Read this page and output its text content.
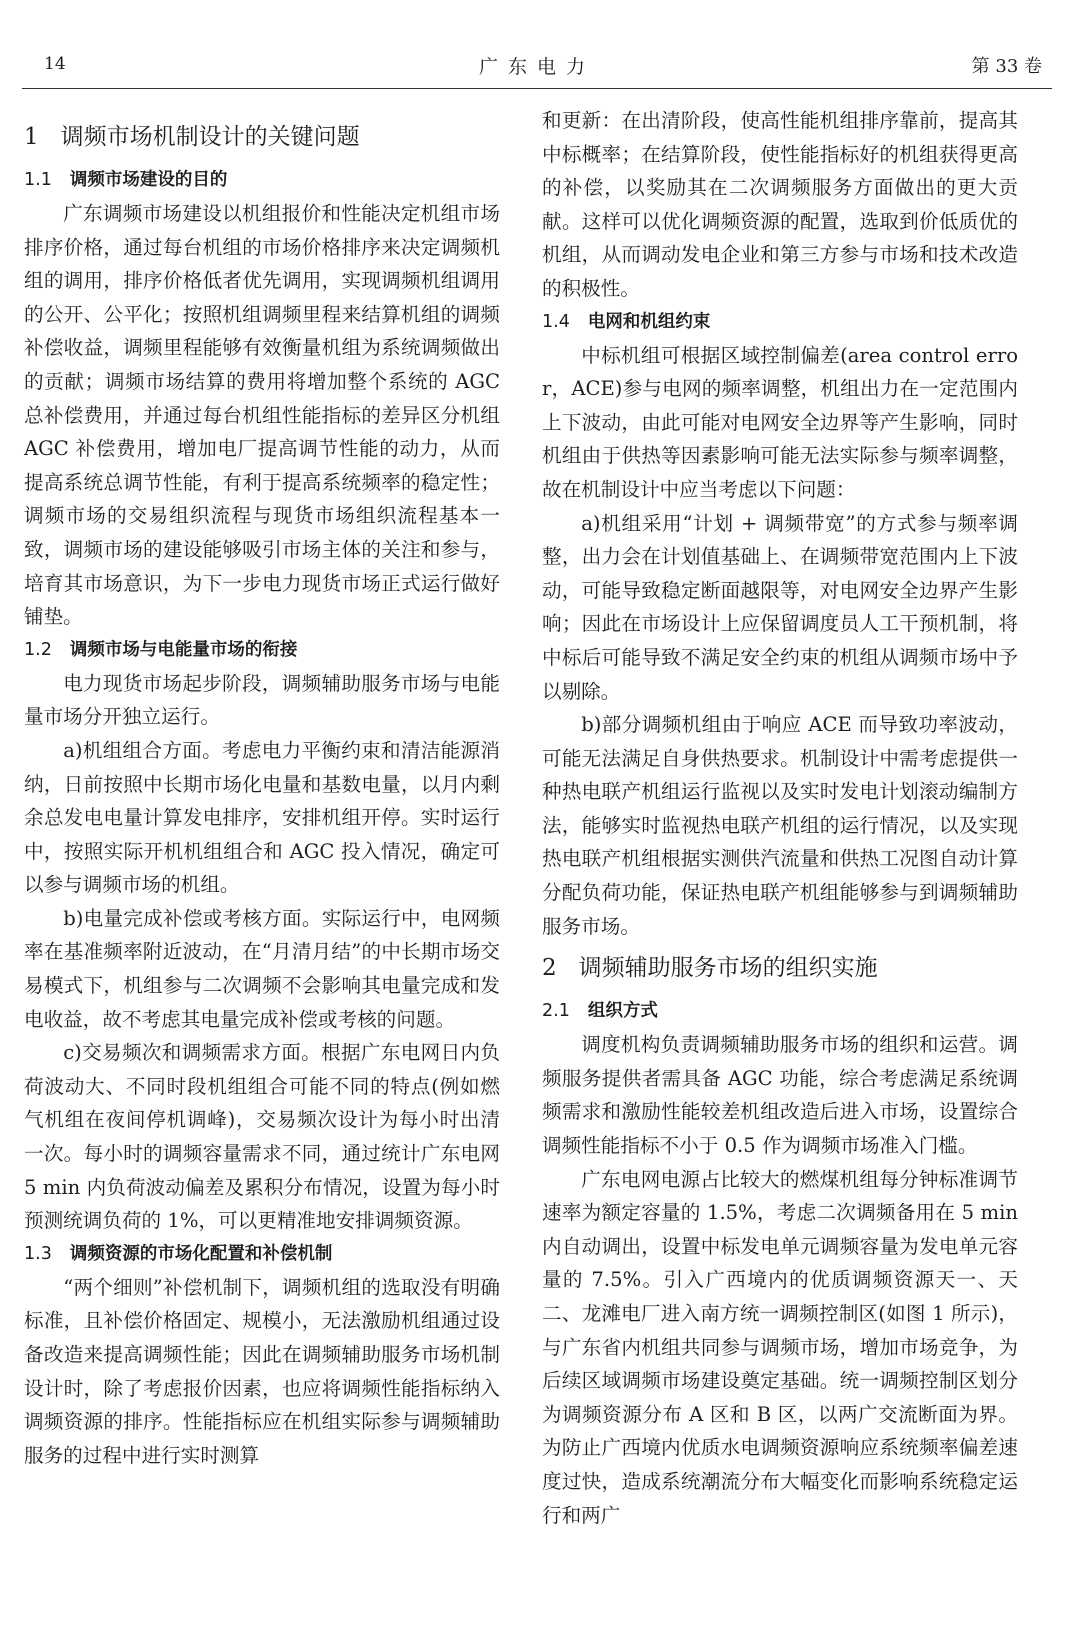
14	广东电力	第 33 卷
1 调频市场机制设计的关键问题
1.1 调频市场建设的目的

广东调频市场建设以机组报价和性能决定机组市场排序价格，通过每台机组的市场价格排序来决定调频机组的调用，排序价格低者优先调用，实现调频机组调用的公开、公平化；按照机组调频里程来结算机组的调频补偿收益，调频里程能够有效衡量机组为系统调频做出的贡献；调频市场结算的费用将增加整个系统的 AGC 总补偿费用，并通过每台机组性能指标的差异区分机组 AGC 补偿费用，增加电厂提高调节性能的动力，从而提高系统总调节性能，有利于提高系统频率的稳定性；调频市场的交易组织流程与现货市场组织流程基本一致，调频市场的建设能够吸引市场主体的关注和参与，培育其市场意识，为下一步电力现货市场正式运行做好铺垫。

1.2 调频市场与电能量市场的衔接

电力现货市场起步阶段，调频辅助服务市场与电能量市场分开独立运行。

a)机组组合方面。考虑电力平衡约束和清洁能源消纳，日前按照中长期市场化电量和基数电量，以月内剩余总发电电量计算发电排序，安排机组开停。实时运行中，按照实际开机机组组合和 AGC 投入情况，确定可以参与调频市场的机组。

b)电量完成补偿或考核方面。实际运行中，电网频率在基准频率附近波动，在“月清月结”的中长期市场交易模式下，机组参与二次调频不会影响其电量完成和发电收益，故不考虑其电量完成补偿或考核的问题。

c)交易频次和调频需求方面。根据广东电网日内负荷波动大、不同时段机组组合可能不同的特点(例如燃气机组在夜间停机调峰)，交易频次设计为每小时出清一次。每小时的调频容量需求不同，通过统计广东电网 5 min 内负荷波动偏差及累积分布情况，设置为每小时预测统调负荷的 1%，可以更精准地安排调频资源。

1.3 调频资源的市场化配置和补偿机制

“两个细则”补偿机制下，调频机组的选取没有明确标准，且补偿价格固定、规模小，无法激励机组通过设备改造来提高调频性能；因此在调频辅助服务市场机制设计时，除了考虑报价因素，也应将调频性能指标纳入调频资源的排序。性能指标应在机组实际参与调频辅助服务的过程中进行实时测算

和更新：在出清阶段，使高性能机组排序靠前，提高其中标概率；在结算阶段，使性能指标好的机组获得更高的补偿，以奖励其在二次调频服务方面做出的更大贡献。这样可以优化调频资源的配置，选取到价低质优的机组，从而调动发电企业和第三方参与市场和技术改造的积极性。

1.4 电网和机组约束

中标机组可根据区域控制偏差(area control error，ACE)参与电网的频率调整，机组出力在一定范围内上下波动，由此可能对电网安全边界等产生影响，同时机组由于供热等因素影响可能无法实际参与频率调整，故在机制设计中应当考虑以下问题：

a)机组采用“计划 + 调频带宽”的方式参与频率调整，出力会在计划值基础上、在调频带宽范围内上下波动，可能导致稳定断面越限等，对电网安全边界产生影响；因此在市场设计上应保留调度员人工干预机制，将中标后可能导致不满足安全约束的机组从调频市场中予以剔除。

b)部分调频机组由于响应 ACE 而导致功率波动，可能无法满足自身供热要求。机制设计中需考虑提供一种热电联产机组运行监视以及实时发电计划滚动编制方法，能够实时监视热电联产机组的运行情况，以及实现热电联产机组根据实测供汽流量和供热工况图自动计算分配负荷功能，保证热电联产机组能够参与到调频辅助服务市场。

2 调频辅助服务市场的组织实施
2.1 组织方式

调度机构负责调频辅助服务市场的组织和运营。调频服务提供者需具备 AGC 功能，综合考虑满足系统调频需求和激励性能较差机组改造后进入市场，设置综合调频性能指标不小于 0.5 作为调频市场准入门槛。

广东电网电源占比较大的燃煤机组每分钟标准调节速率为额定容量的 1.5%，考虑二次调频备用在 5 min 内自动调出，设置中标发电单元调频容量为发电单元容量的 7.5%。引入广西境内的优质调频资源天一、天二、龙滩电厂进入南方统一调频控制区(如图 1 所示)，与广东省内机组共同参与调频市场，增加市场竞争，为后续区域调频市场建设奠定基础。统一调频控制区划分为调频资源分布 A 区和 B 区，以两广交流断面为界。为防止广西境内优质水电调频资源响应系统频率偏差速度过快，造成系统潮流分布大幅变化而影响系统稳定运行和两广
